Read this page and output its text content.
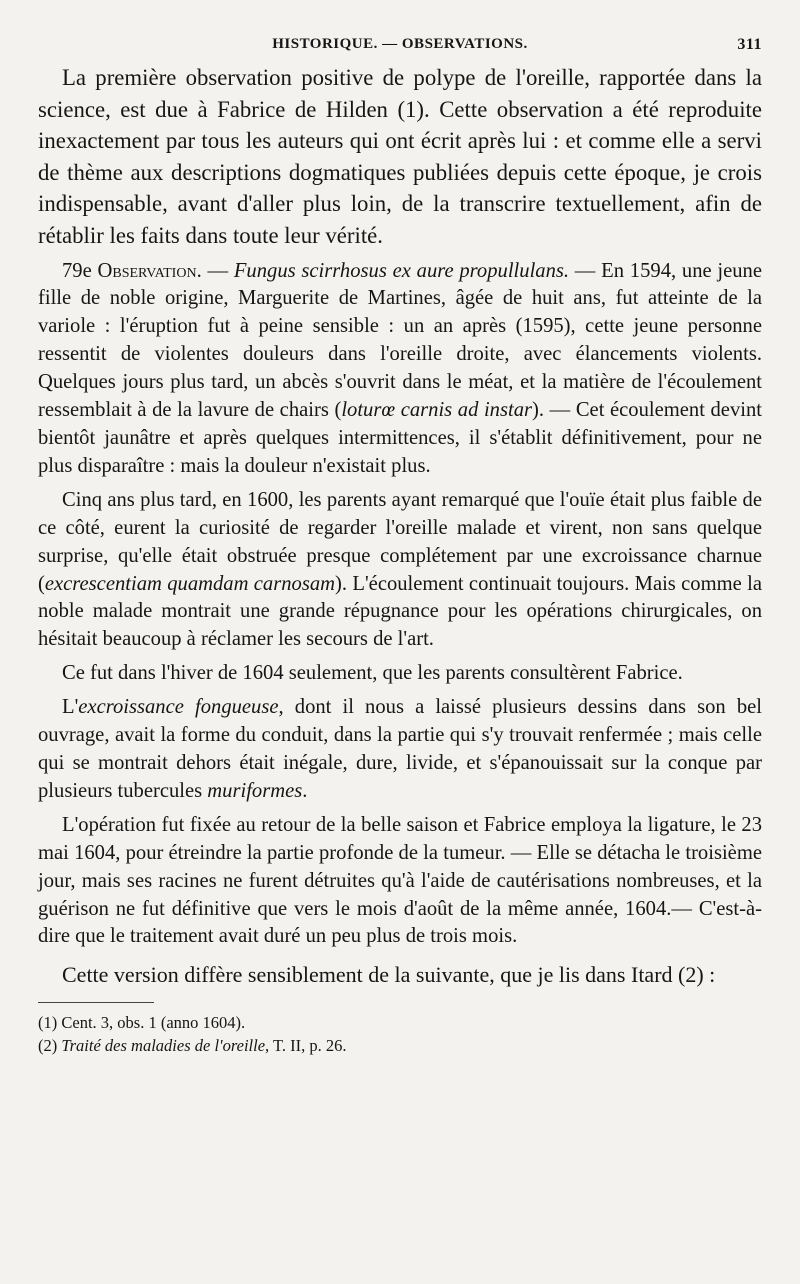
HISTORIQUE. — OBSERVATIONS.	311

La première observation positive de polype de l'oreille, rapportée dans la science, est due à Fabrice de Hilden (1). Cette observation a été reproduite inexactement par tous les auteurs qui ont écrit après lui : et comme elle a servi de thème aux descriptions dogmatiques publiées depuis cette époque, je crois indispensable, avant d'aller plus loin, de la transcrire textuellement, afin de rétablir les faits dans toute leur vérité.

79e Observation. — Fungus scirrhosus ex aure propullulans. — En 1594, une jeune fille de noble origine, Marguerite de Martines, âgée de huit ans, fut atteinte de la variole : l'éruption fut à peine sensible : un an après (1595), cette jeune personne ressentit de violentes douleurs dans l'oreille droite, avec élancements violents. Quelques jours plus tard, un abcès s'ouvrit dans le méat, et la matière de l'écoulement ressemblait à de la lavure de chairs (loturœ carnis ad instar). — Cet écoulement devint bientôt jaunâtre et après quelques intermittences, il s'établit définitivement, pour ne plus disparaître : mais la douleur n'existait plus.

Cinq ans plus tard, en 1600, les parents ayant remarqué que l'ouïe était plus faible de ce côté, eurent la curiosité de regarder l'oreille malade et virent, non sans quelque surprise, qu'elle était obstruée presque complétement par une excroissance charnue (excrescentiam quamdam carnosam). L'écoulement continuait toujours. Mais comme la noble malade montrait une grande répugnance pour les opérations chirurgicales, on hésitait beaucoup à réclamer les secours de l'art.

Ce fut dans l'hiver de 1604 seulement, que les parents consultèrent Fabrice.

L'excroissance fongueuse, dont il nous a laissé plusieurs dessins dans son bel ouvrage, avait la forme du conduit, dans la partie qui s'y trouvait renfermée ; mais celle qui se montrait dehors était inégale, dure, livide, et s'épanouissait sur la conque par plusieurs tubercules muriformes.

L'opération fut fixée au retour de la belle saison et Fabrice employa la ligature, le 23 mai 1604, pour étreindre la partie profonde de la tumeur. — Elle se détacha le troisième jour, mais ses racines ne furent détruites qu'à l'aide de cautérisations nombreuses, et la guérison ne fut définitive que vers le mois d'août de la même année, 1604.— C'est-à-dire que le traitement avait duré un peu plus de trois mois.

Cette version diffère sensiblement de la suivante, que je lis dans Itard (2) :

(1) Cent. 3, obs. 1 (anno 1604).

(2) Traité des maladies de l'oreille, T. II, p. 26.
